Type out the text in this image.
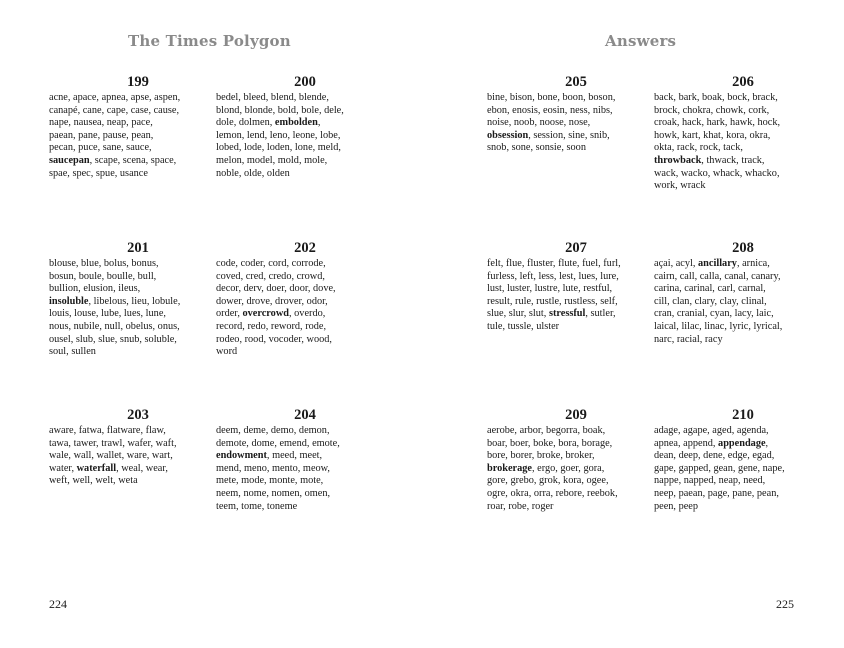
The Times Polygon
199
acne, apace, apnea, apse, aspen,
canapé, cane, cape, case, cause,
nape, nausea, neap, pace,
paean, pane, pause, pean,
pecan, puce, sane, sauce,
saucepan, scape, scena, space,
spae, spec, spue, usance
200
bedel, bleed, blend, blende,
blond, blonde, bold, bole, dele,
dole, dolmen, embolden,
lemon, lend, leno, leone, lobe,
lobed, lode, loden, lone, meld,
melon, model, mold, mole,
noble, olde, olden
201
blouse, blue, bolus, bonus,
bosun, boule, boulle, bull,
bullion, elusion, ileus,
insoluble, libelous, lieu, lobule,
louis, louse, lube, lues, lune,
nous, nubile, null, obelus, onus,
ousel, slub, slue, snub, soluble,
soul, sullen
202
code, coder, cord, corrode,
coved, cred, credo, crowd,
decor, derv, doer, door, dove,
dower, drove, drover, odor,
order, overcrowd, overdo,
record, redo, reword, rode,
rodeo, rood, vocoder, wood,
word
203
aware, fatwa, flatware, flaw,
tawa, tawer, trawl, wafer, waft,
wale, wall, wallet, ware, wart,
water, waterfall, weal, wear,
weft, well, welt, weta
204
deem, deme, demo, demon,
demote, dome, emend, emote,
endowment, meed, meet,
mend, meno, mento, meow,
mete, mode, monte, mote,
neem, nome, nomen, omen,
teem, tome, toneme
224
Answers
205
bine, bison, bone, boon, boson,
ebon, enosis, eosin, ness, nibs,
noise, noob, noose, nose,
obsession, session, sine, snib,
snob, sone, sonsie, soon
206
back, bark, boak, bock, brack,
brock, chokra, chowk, cork,
croak, hack, hark, hawk, hock,
howk, kart, khat, kora, okra,
okta, rack, rock, tack,
throwback, thwack, track,
wack, wacko, whack, whacko,
work, wrack
207
felt, flue, fluster, flute, fuel, furl,
furless, left, less, lest, lues, lure,
lust, luster, lustre, lute, restful,
result, rule, rustle, rustless, self,
slue, slur, slut, stressful, sutler,
tule, tussle, ulster
208
açai, acyl, ancillary, arnica,
cairn, call, calla, canal, canary,
carina, carinal, carl, carnal,
cill, clan, clary, clay, clinal,
cran, cranial, cyan, lacy, laic,
laical, lilac, linac, lyric, lyrical,
narc, racial, racy
209
aerobe, arbor, begorra, boak,
boar, boer, boke, bora, borage,
bore, borer, broke, broker,
brokerage, ergo, goer, gora,
gore, grebo, grok, kora, ogee,
ogre, okra, orra, rebore, reebok,
roar, robe, roger
210
adage, agape, aged, agenda,
apnea, append, appendage,
dean, deep, dene, edge, egad,
gape, gapped, gean, gene, nape,
nappe, napped, neap, need,
neep, paean, page, pane, pean,
peen, peep
225
